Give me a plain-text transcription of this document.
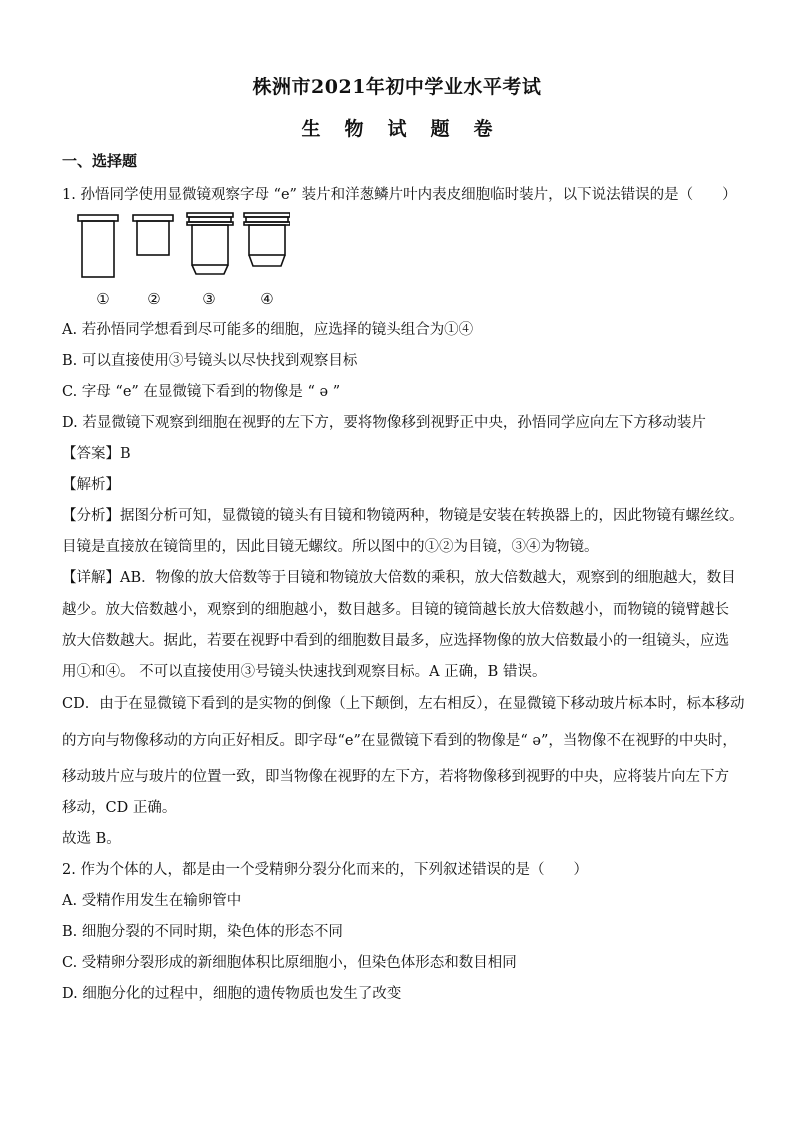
株洲市2021年初中学业水平考试
生物试题卷
一、选择题
1. 孙悟同学使用显微镜观察字母 “e” 装片和洋葱鳞片叶内表皮细胞临时装片，以下说法错误的是（　　）
①	②	③	④
A. 若孙悟同学想看到尽可能多的细胞，应选择的镜头组合为①④
B. 可以直接使用③号镜头以尽快找到观察目标
C. 字母 “e” 在显微镜下看到的物像是 “ ə ”
D. 若显微镜下观察到细胞在视野的左下方，要将物像移到视野正中央，孙悟同学应向左下方移动装片
【答案】B
【解析】
【分析】据图分析可知，显微镜的镜头有目镜和物镜两种，物镜是安装在转换器上的，因此物镜有螺丝纹。
目镜是直接放在镜筒里的，因此目镜无螺纹。所以图中的①②为目镜，③④为物镜。
【详解】AB．物像的放大倍数等于目镜和物镜放大倍数的乘积，放大倍数越大，观察到的细胞越大，数目
越少。放大倍数越小，观察到的细胞越小，数目越多。目镜的镜筒越长放大倍数越小，而物镜的镜臂越长
放大倍数越大。据此，若要在视野中看到的细胞数目最多，应选择物像的放大倍数最小的一组镜头，应选
用①和④。 不可以直接使用③号镜头快速找到观察目标。A 正确，B 错误。
CD．由于在显微镜下看到的是实物的倒像（上下颠倒，左右相反），在显微镜下移动玻片标本时，标本移动
的方向与物像移动的方向正好相反。即字母“e”在显微镜下看到的物像是“ ə”，当物像不在视野的中央时，
移动玻片应与玻片的位置一致，即当物像在视野的左下方，若将物像移到视野的中央，应将装片向左下方
移动，CD 正确。
故选 B。
2. 作为个体的人，都是由一个受精卵分裂分化而来的，下列叙述错误的是（　　）
A. 受精作用发生在输卵管中
B. 细胞分裂的不同时期，染色体的形态不同
C. 受精卵分裂形成的新细胞体积比原细胞小，但染色体形态和数目相同
D. 细胞分化的过程中，细胞的遗传物质也发生了改变
